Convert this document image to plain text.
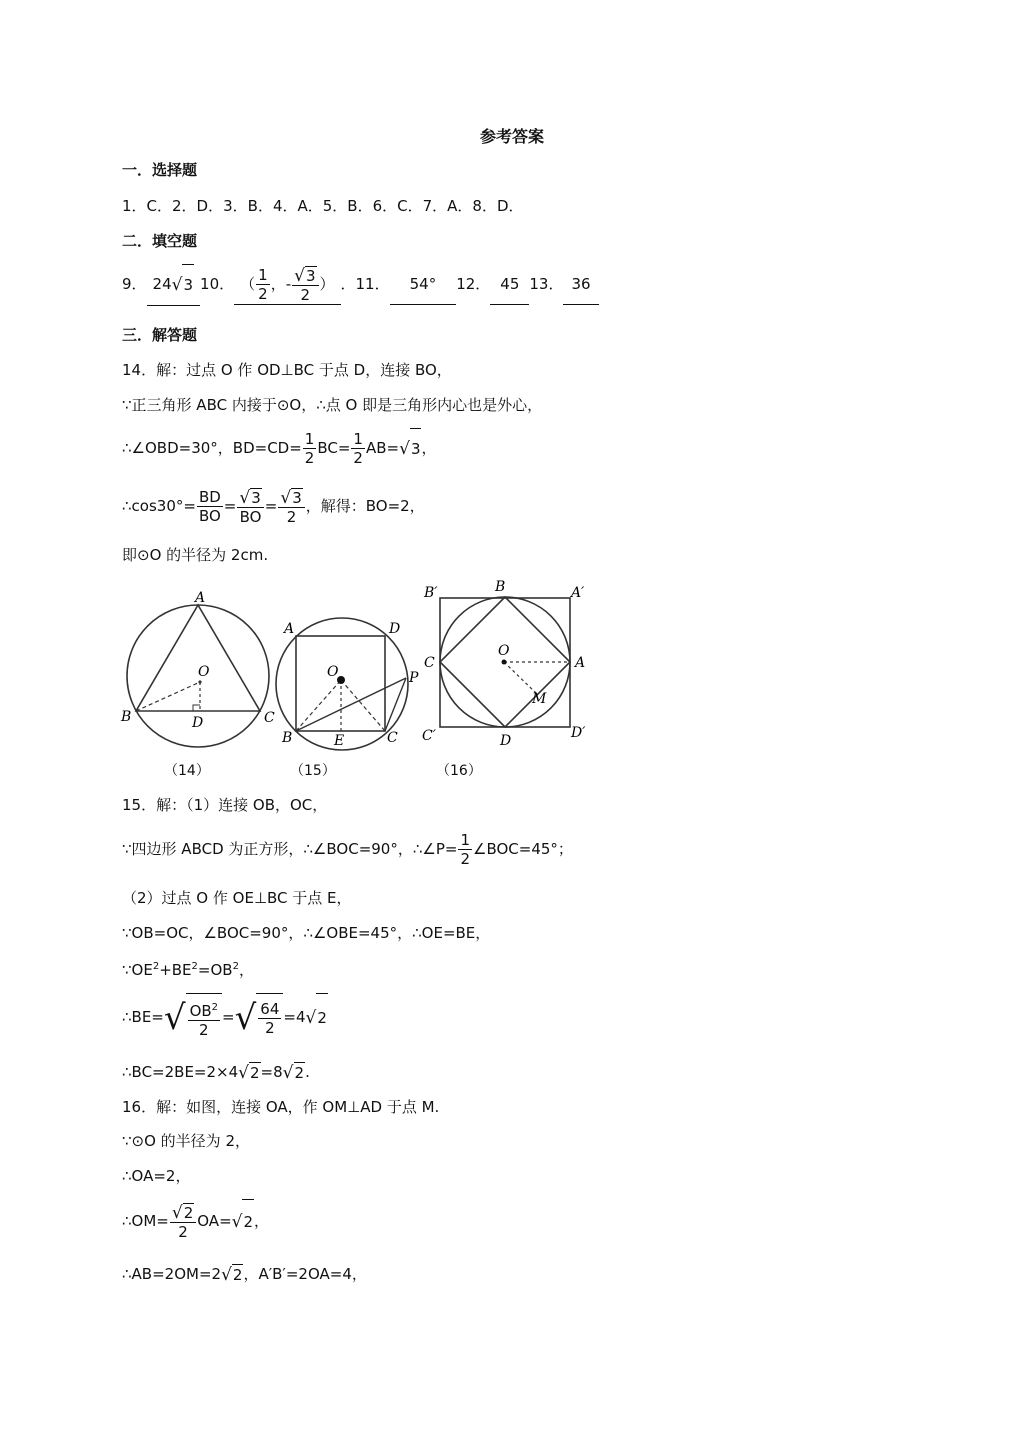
参考答案
一．选择题
1．C．2．D．3．B．4．A．5．B．6．C．7．A．8．D．
二．填空题
9． 24 √ 3 10． （ $\frac{1}{2}$ ，- $\frac{√ 3}{2}$ ） ．11． 54° 12． 45 13． 36
三．解答题
14．解：过点 O 作 OD⊥BC 于点 D，连接 BO，
∵正三角形 ABC 内接于⊙O，∴点 O 即是三角形内心也是外心，
∴∠OBD=30°，$BD=CD= \frac{1}{2} BC= \frac{1}{2} AB=$ √ 3 ，
∴cos30°= $\frac{BD}{BO} = \frac{√ 3}{BO} = \frac{√ 3}{2}$ ，解得：BO=2，
即⊙O 的半径为 2cm.
A
O
B	C
D
（14）
A	D
O	P
B	E	C
（15）
B′	B	A′
O
C	A
M
C′	D	D′
（16）
15．解：（1）连接 OB，OC，
∵四边形 ABCD 为正方形，∴∠BOC=90°，∴∠P= $\frac{1}{2}$ ∠BOC=45°；
（2）过点 O 作 OE⊥BC 于点 E，
∵OB=OC，∠BOC=90°，∴∠OBE=45°，∴OE=BE，
$\because OE^2+BE^2=OB^2$，
∴BE= √ $\frac{OB^2}{2}$ = √ $\frac{64}{2} =4$ √ 2
∴BC=2BE=2×4 √ 2 =8 √ 2 .
16．解：如图，连接 OA，作 OM⊥AD 于点 M.
∵⊙O 的半径为 2，
∴OA=2，
∴OM= $\frac{√ 2}{2} OA=$ √ 2 ，
∴AB=2OM=2 √ 2 ，A′B′=2OA=4，
